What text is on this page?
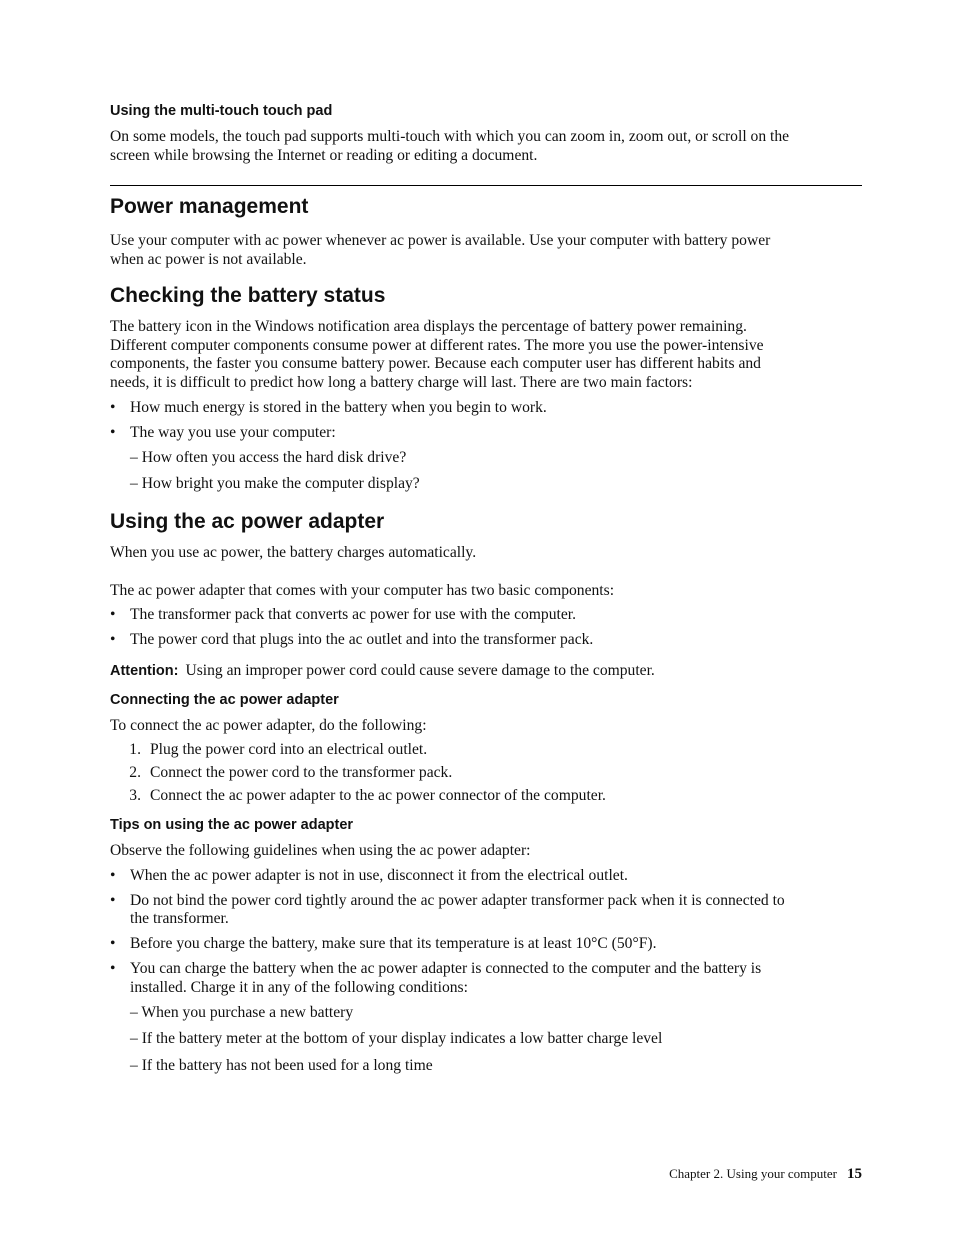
Using the multi-touch touch pad
On some models, the touch pad supports multi-touch with which you can zoom in, zoom out, or scroll on the
screen while browsing the Internet or reading or editing a document.
Power management
Use your computer with ac power whenever ac power is available. Use your computer with battery power
when ac power is not available.
Checking the battery status
The battery icon in the Windows notification area displays the percentage of battery power remaining.
Different computer components consume power at different rates. The more you use the power-intensive
components, the faster you consume battery power. Because each computer user has different habits and
needs, it is difficult to predict how long a battery charge will last. There are two main factors:
• How much energy is stored in the battery when you begin to work.
• The way you use your computer:
– How often you access the hard disk drive?
– How bright you make the computer display?
Using the ac power adapter
When you use ac power, the battery charges automatically.
The ac power adapter that comes with your computer has two basic components:
• The transformer pack that converts ac power for use with the computer.
• The power cord that plugs into the ac outlet and into the transformer pack.
Attention: Using an improper power cord could cause severe damage to the computer.
Connecting the ac power adapter
To connect the ac power adapter, do the following:
1. Plug the power cord into an electrical outlet.
2. Connect the power cord to the transformer pack.
3. Connect the ac power adapter to the ac power connector of the computer.
Tips on using the ac power adapter
Observe the following guidelines when using the ac power adapter:
• When the ac power adapter is not in use, disconnect it from the electrical outlet.
• Do not bind the power cord tightly around the ac power adapter transformer pack when it is connected to
the transformer.
• Before you charge the battery, make sure that its temperature is at least 10°C (50°F).
• You can charge the battery when the ac power adapter is connected to the computer and the battery is
installed. Charge it in any of the following conditions:
– When you purchase a new battery
– If the battery meter at the bottom of your display indicates a low batter charge level
– If the battery has not been used for a long time
Chapter 2. Using your computer 15
